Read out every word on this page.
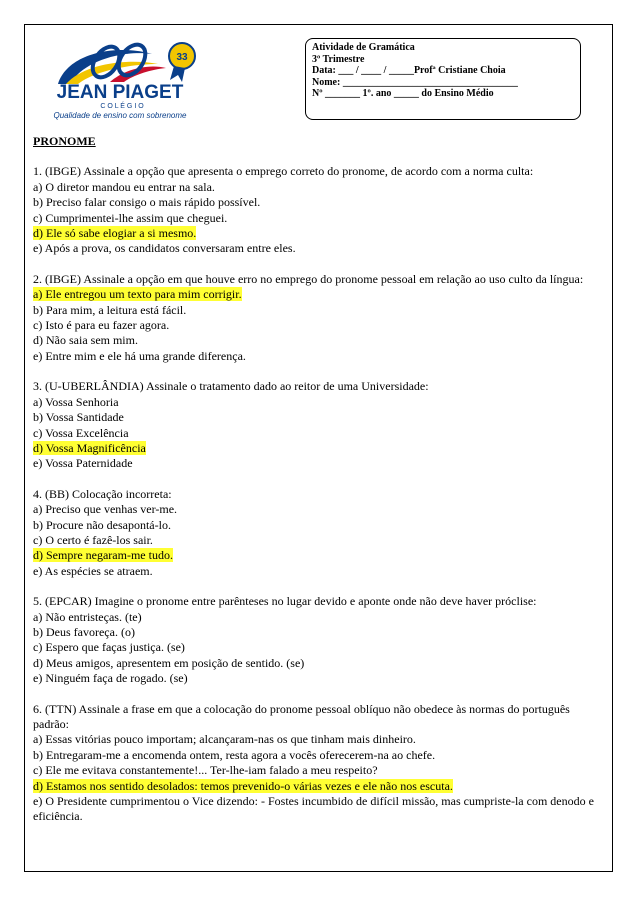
33
JEAN PIAGET
C O L É G I O
Qualidade de ensino com sobrenome
Atividade de Gramática
3º Trimestre
Data: ___ / ____ / _____Profª Cristiane Choia
Nome: ___________________________________
Nº _______ 1º. ano _____ do Ensino Médio
PRONOME
1. (IBGE) Assinale a opção que apresenta o emprego correto do pronome, de acordo com a norma culta:
a) O diretor mandou eu entrar na sala.
b) Preciso falar consigo o mais rápido possível.
c) Cumprimentei-lhe assim que cheguei.
d) Ele só sabe elogiar a si mesmo.
e) Após a prova, os candidatos conversaram entre eles.
2. (IBGE) Assinale a opção em que houve erro no emprego do pronome pessoal em relação ao uso culto da língua:
a) Ele entregou um texto para mim corrigir.
b) Para mim, a leitura está fácil.
c) Isto é para eu fazer agora.
d) Não saia sem mim.
e) Entre mim e ele há uma grande diferença.
3. (U-UBERLÂNDIA) Assinale o tratamento dado ao reitor de uma Universidade:
a) Vossa Senhoria
b) Vossa Santidade
c) Vossa Excelência
d) Vossa Magnificência
e) Vossa Paternidade
4. (BB) Colocação incorreta:
a) Preciso que venhas ver-me.
b) Procure não desapontá-lo.
c) O certo é fazê-los sair.
d) Sempre negaram-me tudo.
e) As espécies se atraem.
5. (EPCAR) Imagine o pronome entre parênteses no lugar devido e aponte onde não deve haver próclise:
a) Não entristeças. (te)
b) Deus favoreça. (o)
c) Espero que faças justiça. (se)
d) Meus amigos, apresentem em posição de sentido. (se)
e) Ninguém faça de rogado. (se)
6. (TTN) Assinale a frase em que a colocação do pronome pessoal oblíquo não obedece às normas do português padrão:
a) Essas vitórias pouco importam; alcançaram-nas os que tinham mais dinheiro.
b) Entregaram-me a encomenda ontem, resta agora a vocês oferecerem-na ao chefe.
c) Ele me evitava constantemente!... Ter-lhe-iam falado a meu respeito?
d) Estamos nos sentido desolados: temos prevenido-o várias vezes e ele não nos escuta.
e) O Presidente cumprimentou o Vice dizendo: - Fostes incumbido de difícil missão, mas cumpriste-la com denodo e eficiência.
